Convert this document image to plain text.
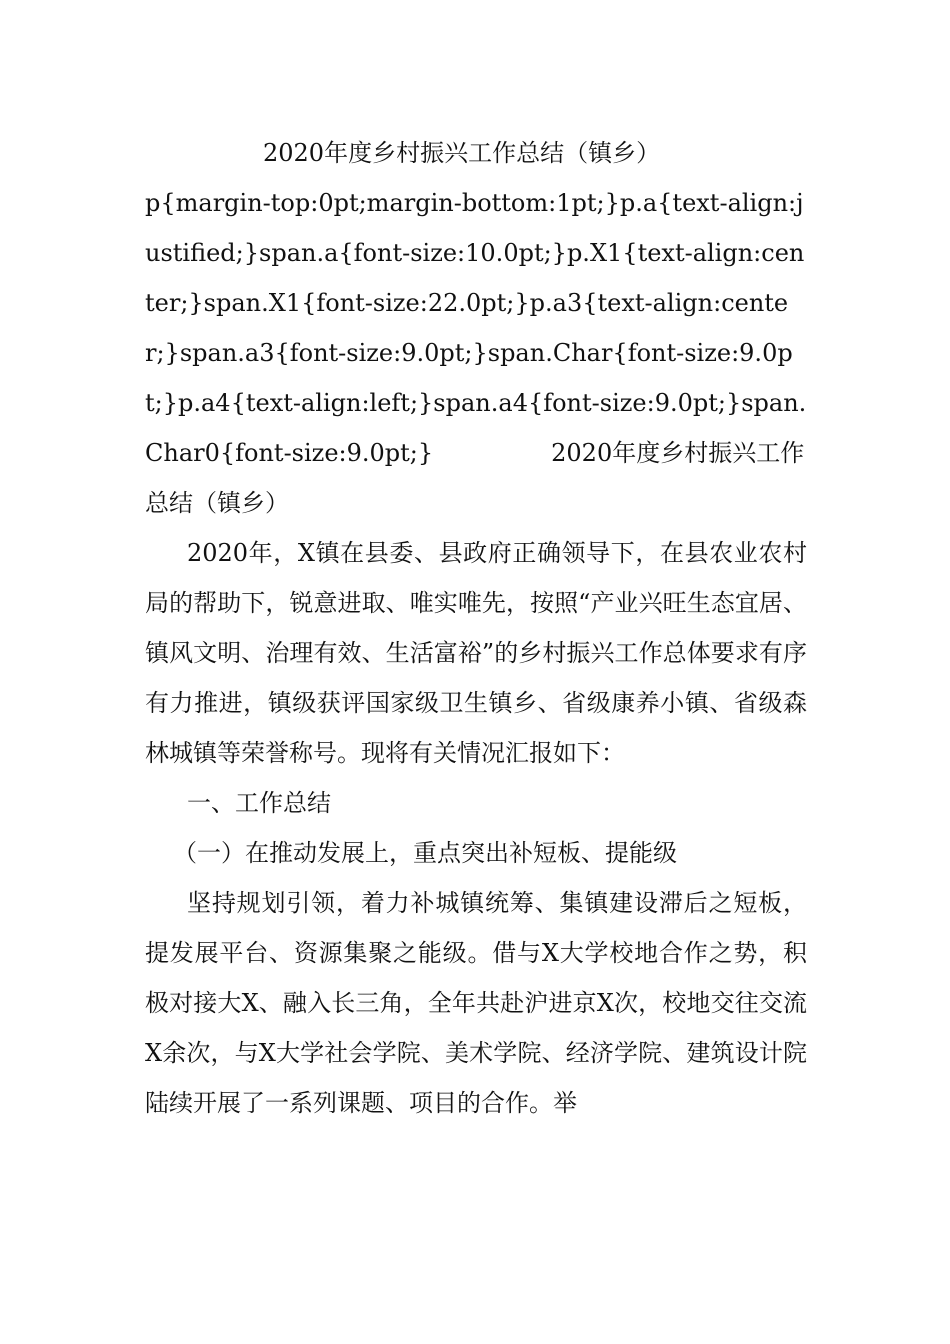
2020年度乡村振兴工作总结（镇乡）

p{margin-top:0pt;margin-bottom:1pt;}p.a{text-align:justified;}span.a{font-size:10.0pt;}p.X1{text-align:center;}span.X1{font-size:22.0pt;}p.a3{text-align:center;}span.a3{font-size:9.0pt;}span.Char{font-size:9.0pt;}p.a4{text-align:left;}span.a4{font-size:9.0pt;}span.Char0{font-size:9.0pt;}	2020年度乡村振兴工作总结（镇乡）

2020年，X镇在县委、县政府正确领导下，在县农业农村局的帮助下，锐意进取、唯实唯先，按照“产业兴旺生态宜居、镇风文明、治理有效、生活富裕”的乡村振兴工作总体要求有序有力推进，镇级获评国家级卫生镇乡、省级康养小镇、省级森林城镇等荣誉称号。现将有关情况汇报如下：

一、工作总结

（一）在推动发展上，重点突出补短板、提能级

坚持规划引领，着力补城镇统筹、集镇建设滞后之短板，提发展平台、资源集聚之能级。借与X大学校地合作之势，积极对接大X、融入长三角，全年共赴沪进京X次，校地交往交流X余次，与X大学社会学院、美术学院、经济学院、建筑设计院陆续开展了一系列课题、项目的合作。举
